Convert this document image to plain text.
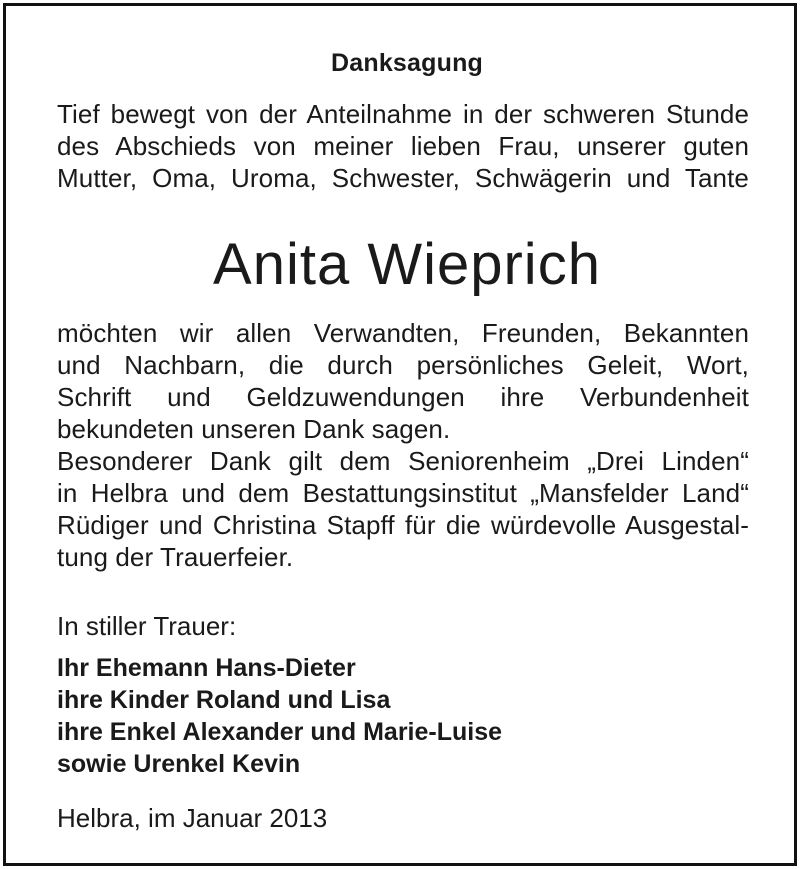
Danksagung
Tief bewegt von der Anteilnahme in der schweren Stunde
des Abschieds von meiner lieben Frau, unserer guten
Mutter, Oma, Uroma, Schwester, Schwägerin und Tante
Anita Wieprich
möchten wir allen Verwandten, Freunden, Bekannten
und Nachbarn, die durch persönliches Geleit, Wort,
Schrift und Geldzuwendungen ihre Verbundenheit
bekundeten unseren Dank sagen.
Besonderer Dank gilt dem Seniorenheim „Drei Linden“
in Helbra und dem Bestattungsinstitut „Mansfelder Land“
Rüdiger und Christina Stapff für die würdevolle Ausgestal-
tung der Trauerfeier.
In stiller Trauer:
Ihr Ehemann Hans-Dieter
ihre Kinder Roland und Lisa
ihre Enkel Alexander und Marie-Luise
sowie Urenkel Kevin
Helbra, im Januar 2013
